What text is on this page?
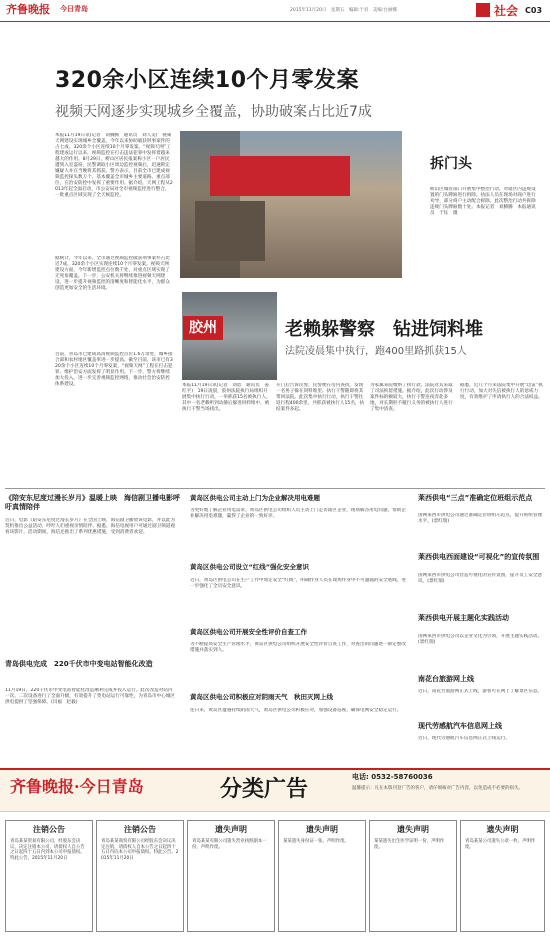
齐鲁晚报 今日青岛	2015年11月20日　星期五　编辑:于君　美编:台丽娜	社会 C03
320余小区连续10个月零发案
视频天网逐步实现城乡全覆盖，协助破案占比近7成
本报11月19日讯(记者　刘腾腾　通讯员　刘人美)　视频天网建设实现城乡全覆盖，今年以来协助破获刑事案件的占七成。320余个小区连续10个月零发案。“视频天网”工程建成运行以来，视频监控在打击违法犯罪中发挥着越来越大的作用。8月29日，崂山区居民报案称小区一户居民遭到入室盗窃，民警调取小区周边监控视频后，迅速锁定嫌疑人并在当晚将其抓获。警方表示，目前全市已建成视频监控探头数万个，基本覆盖全市城乡主要道路、重点部位，在治安防控中发挥了重要作用。据介绍，天网工程从2013年起全面启动，市公安局对全市视频监控进行整合，一批重点区域实现了全天候监控。
据统计，今年以来，全市通过视频监控破获刑事案件占比近7成，320余个小区实现连续10个月零发案。视频天网建设方面，今年新增监控点位数千处，对重点区域实现了无死角覆盖。下一步，公安机关将继续推进视频天网建设，进一步提升视频监控的清晰度和智能化水平，为群众创造更加安全的生活环境。
目前，青岛市已建成高清视频监控点位1.6万余处，城乡接合部和农村地区覆盖率进一步提高。截至目前，该市已有320余个小区连续10个月零发案，“视频天网”工程在打击犯罪、维护治安方面发挥了明显作用。下一步，警方将继续加大投入，进一步完善视频监控网络，推动社会治安防控体系建设。
拆门头
崂山区城管部门开展集中整治行动，对辖区内违规设置的门头牌匾进行拆除。执法人员在现场对商户进行劝导，部分商户主动配合拆除。此次整治行动共拆除违规门头牌匾数十处。本报记者　刘腾腾　本报通讯员　于钰　摄
胶州	老赖躲警察　钻进饲料堆
法院凌晨集中执行，跑400里路抓获15人
本报11月19日讯(记者　刘恩　通讯员　姜红平)　19日凌晨，胶州法院执行局组织开展集中执行行动，一举抓获15名被执行人。其中一名老赖听到动静后躲进饲料堆中，被执行干警当场找出。
开门后告诉民警，民警便在房内查找，发现一名男子躲在饲料堆里。执行干警随即将其带回法院。此次集中执行行动，执行干警往返行程400余里，共抓获被执行人15名，执结案件多起。
为家属来院缴纳了执行款，法院对其采取了司法拘留措施。据介绍，此次行动涉及案件标的额较大，执行干警连夜奔赴多地，对长期拒不履行义务的被执行人进行了集中清查。
据悉，近几个月来法院集中开展“迅雷”执行行动，加大对失信被执行人的惩戒力度，有效维护了申请执行人的合法权益。
《陪安东尼度过漫长岁月》温暖上映　海信剧卫播电影呼吁真情陪伴
近日，电影《陪安东尼度过漫长岁月》在全国上映，海信剧卫播放该电影，并以此为契机推出公益活动，呼吁人们重视亲情陪伴。据悉，海信电视用户可通过剧卫频道观看该影片。活动期间，海信还推出了系列优惠措施，受到消费者欢迎。
青岛供电完成　220千伏市中变电站智能化改造
11月19日，220千伏市中变电站智能化改造顺利完成并投入运行。此次改造对站内一次、二次设备进行了全面升级，有效提升了变电站运行可靠性，为青岛市中心城区供电提供了坚强保障。(闫福　赵毅)
黄岛区供电公司主动上门为企业解决用电难题
为更好地了解企业用电需求，黄岛区供电公司组织人员主动上门走访辖区企业，现场解答用电问题，帮助企业解决用电难题，赢得了企业的一致好评。
黄岛区供电公司设立“红线”强化安全意识
近日，黄岛区供电公司在生产工作中划定安全“红线”，明确作业人员在现场作业中不可逾越的安全底线，进一步强化了全员安全意识。
黄岛区供电公司开展安全性评价自查工作
为不断提高安全生产管理水平，黄岛区供电公司组织开展安全性评价自查工作，对查出的问题逐一制定整改措施并落实到人。
黄岛区供电公司积极应对阴雨天气　秋田灭网上线
连日来，黄岛区遭遇持续阴雨天气，黄岛区供电公司积极应对，加强设备巡视，确保电网安全稳定运行。
莱西供电“三点”准确定位班组示范点
国网莱西市供电公司通过准确定位班组示范点，提升班组管理水平。(景红瑞)
莱西供电西面建设“可视化”的宣传氛围
国网莱西市供电公司营造可视化的宣传氛围，提升员工安全意识。(景红瑞)
莱西供电开展主题化实践活动
国网莱西市供电公司以企业文化为引领，开展主题实践活动。(景红瑞)
南花台旅游网上线
近日，南花台旅游网正式上线，游客可在网上了解景区信息。
现代劳感航汽车信息网上线
近日，现代劳感航汽车信息网正式上线运行。
齐鲁晚报·今日青岛	分类广告	电话: 0532-58760036
温馨提示：凡在本版刊登广告的客户，请仔细核对广告内容，以免造成不必要的损失。
注销公告
青岛某某贸易有限公司，经股东会决议，决定注销本公司，请债权人自公告之日起四十五日内到本公司申报债权。特此公告。2015年11月20日
注销公告
青岛某某商贸有限公司经股东会决议决定注销，请债权人自本公告之日起四十五日内向本公司申报债权。特此公告。2015年11月20日
遗失声明
青岛某某有限公司遗失营业执照副本一份，声明作废。
遗失声明
某某遗失身份证一张，声明作废。
遗失声明
某某遗失出生医学证明一份，声明作废。
遗失声明
青岛某某公司遗失公章一枚，声明作废。
